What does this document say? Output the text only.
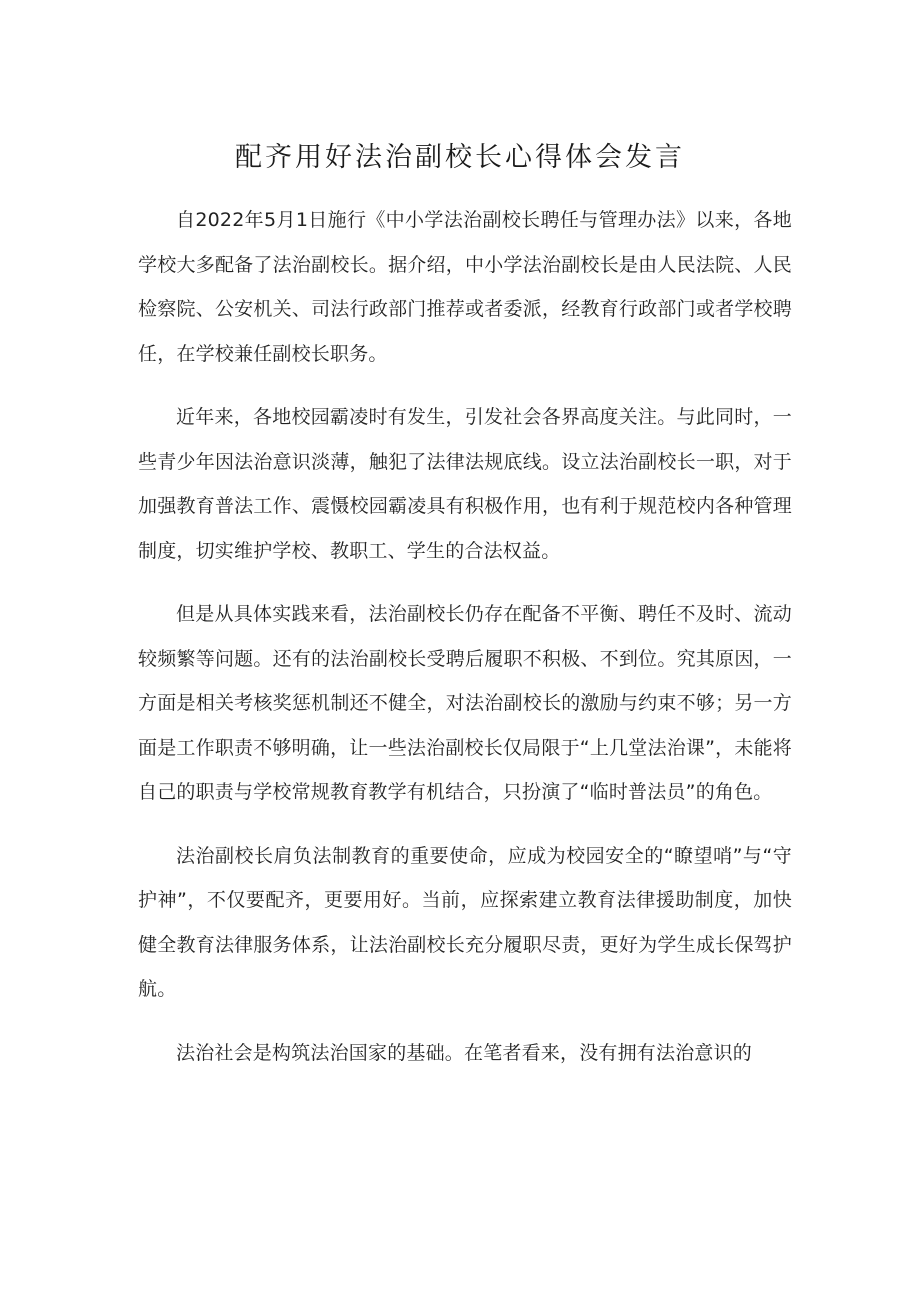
配齐用好法治副校长心得体会发言

自2022年5月1日施行《中小学法治副校长聘任与管理办法》以来，各地学校大多配备了法治副校长。据介绍，中小学法治副校长是由人民法院、人民检察院、公安机关、司法行政部门推荐或者委派，经教育行政部门或者学校聘任，在学校兼任副校长职务。

近年来，各地校园霸凌时有发生，引发社会各界高度关注。与此同时，一些青少年因法治意识淡薄，触犯了法律法规底线。设立法治副校长一职，对于加强教育普法工作、震慑校园霸凌具有积极作用，也有利于规范校内各种管理制度，切实维护学校、教职工、学生的合法权益。

但是从具体实践来看，法治副校长仍存在配备不平衡、聘任不及时、流动较频繁等问题。还有的法治副校长受聘后履职不积极、不到位。究其原因，一方面是相关考核奖惩机制还不健全，对法治副校长的激励与约束不够；另一方面是工作职责不够明确，让一些法治副校长仅局限于“上几堂法治课”，未能将自己的职责与学校常规教育教学有机结合，只扮演了“临时普法员”的角色。

法治副校长肩负法制教育的重要使命，应成为校园安全的“瞭望哨”与“守护神”，不仅要配齐，更要用好。当前，应探索建立教育法律援助制度，加快健全教育法律服务体系，让法治副校长充分履职尽责，更好为学生成长保驾护航。

法治社会是构筑法治国家的基础。在笔者看来，没有拥有法治意识的
